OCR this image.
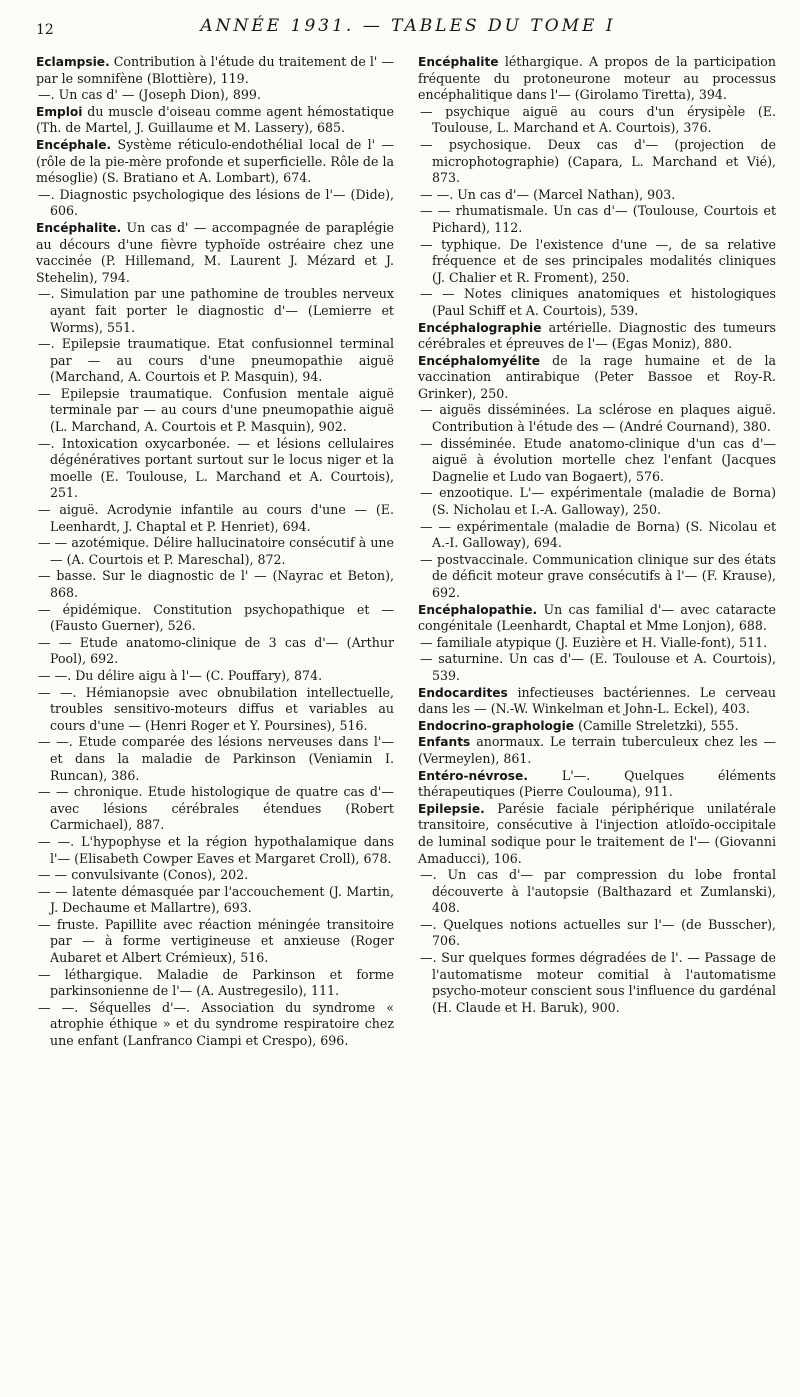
12	ANNÉE 1931. — TABLES DU TOME I

Eclampsie. Contribution à l'étude du traitement de l' — par le somnifène (Blottière), 119.

—. Un cas d' — (Joseph Dion), 899.

Emploi du muscle d'oiseau comme agent hémostatique (Th. de Martel, J. Guillaume et M. Lassery), 685.

Encéphale. Système réticulo-endothélial local de l' — (rôle de la pie-mère profonde et superficielle. Rôle de la mésoglie) (S. Bratiano et A. Lombart), 674.

—. Diagnostic psychologique des lésions de l'— (Dide), 606.

Encéphalite. Un cas d' — accompagnée de paraplégie au décours d'une fièvre typhoïde ostréaire chez une vaccinée (P. Hillemand, M. Laurent J. Mézard et J. Stehelin), 794.

—. Simulation par une pathomine de troubles nerveux ayant fait porter le diagnostic d'— (Lemierre et Worms), 551.

—. Epilepsie traumatique. Etat confusionnel terminal par — au cours d'une pneumopathie aiguë (Marchand, A. Courtois et P. Masquin), 94.

— Epilepsie traumatique. Confusion mentale aiguë terminale par — au cours d'une pneumopathie aiguë (L. Marchand, A. Courtois et P. Masquin), 902.

—. Intoxication oxycarbonée. — et lésions cellulaires dégénératives portant surtout sur le locus niger et la moelle (E. Toulouse, L. Marchand et A. Courtois), 251.

— aiguë. Acrodynie infantile au cours d'une — (E. Leenhardt, J. Chaptal et P. Henriet), 694.

— — azotémique. Délire hallucinatoire consécutif à une — (A. Courtois et P. Mareschal), 872.

— basse. Sur le diagnostic de l' — (Nayrac et Beton), 868.

— épidémique. Constitution psychopathique et — (Fausto Guerner), 526.

— — Etude anatomo-clinique de 3 cas d'— (Arthur Pool), 692.

— —. Du délire aigu à l'— (C. Pouffary), 874.

— —. Hémianopsie avec obnubilation intellectuelle, troubles sensitivo-moteurs diffus et variables au cours d'une — (Henri Roger et Y. Poursines), 516.

— —. Etude comparée des lésions nerveuses dans l'— et dans la maladie de Parkinson (Veniamin I. Runcan), 386.

— — chronique. Etude histologique de quatre cas d'— avec lésions cérébrales étendues (Robert Carmichael), 887.

— —. L'hypophyse et la région hypothalamique dans l'— (Elisabeth Cowper Eaves et Margaret Croll), 678.

— — convulsivante (Conos), 202.

— — latente démasquée par l'accouchement (J. Martin, J. Dechaume et Mallartre), 693.

— fruste. Papillite avec réaction méningée transitoire par — à forme vertigineuse et anxieuse (Roger Aubaret et Albert Crémieux), 516.

— léthargique. Maladie de Parkinson et forme parkinsonienne de l'— (A. Austregesilo), 111.

— —. Séquelles d'—. Association du syndrome « atrophie éthique » et du syndrome respiratoire chez une enfant (Lanfranco Ciampi et Crespo), 696.

Encéphalite léthargique. A propos de la participation fréquente du protoneurone moteur au processus encéphalitique dans l'— (Girolamo Tiretta), 394.

— psychique aiguë au cours d'un érysipèle (E. Toulouse, L. Marchand et A. Courtois), 376.

— psychosique. Deux cas d'— (projection de microphotographie) (Capara, L. Marchand et Vié), 873.

— —. Un cas d'— (Marcel Nathan), 903.

— — rhumatismale. Un cas d'— (Toulouse, Courtois et Pichard), 112.

— typhique. De l'existence d'une —, de sa relative fréquence et de ses principales modalités cliniques (J. Chalier et R. Froment), 250.

— — Notes cliniques anatomiques et histologiques (Paul Schiff et A. Courtois), 539.

Encéphalographie artérielle. Diagnostic des tumeurs cérébrales et épreuves de l'— (Egas Moniz), 880.

Encéphalomyélite de la rage humaine et de la vaccination antirabique (Peter Bassoe et Roy-R. Grinker), 250.

— aiguës disséminées. La sclérose en plaques aiguë. Contribution à l'étude des — (André Cournand), 380.

— disséminée. Etude anatomo-clinique d'un cas d'— aiguë à évolution mortelle chez l'enfant (Jacques Dagnelie et Ludo van Bogaert), 576.

— enzootique. L'— expérimentale (maladie de Borna) (S. Nicholau et I.-A. Galloway), 250.

— — expérimentale (maladie de Borna) (S. Nicolau et A.-I. Galloway), 694.

— postvaccinale. Communication clinique sur des états de déficit moteur grave consécutifs à l'— (F. Krause), 692.

Encéphalopathie. Un cas familial d'— avec cataracte congénitale (Leenhardt, Chaptal et Mme Lonjon), 688.

— familiale atypique (J. Euzière et H. Vialle-font), 511.

— saturnine. Un cas d'— (E. Toulouse et A. Courtois), 539.

Endocardites infectieuses bactériennes. Le cerveau dans les — (N.-W. Winkelman et John-L. Eckel), 403.

Endocrino-graphologie (Camille Streletzki), 555.

Enfants anormaux. Le terrain tuberculeux chez les — (Vermeylen), 861.

Entéro-névrose. L'—. Quelques éléments thérapeutiques (Pierre Coulouma), 911.

Epilepsie. Parésie faciale périphérique unilatérale transitoire, consécutive à l'injection atloïdo-occipitale de luminal sodique pour le traitement de l'— (Giovanni Amaducci), 106.

—. Un cas d'— par compression du lobe frontal découverte à l'autopsie (Balthazard et Zumlanski), 408.

—. Quelques notions actuelles sur l'— (de Busscher), 706.

—. Sur quelques formes dégradées de l'. — Passage de l'automatisme moteur comitial à l'automatisme psycho-moteur conscient sous l'influence du gardénal (H. Claude et H. Baruk), 900.
